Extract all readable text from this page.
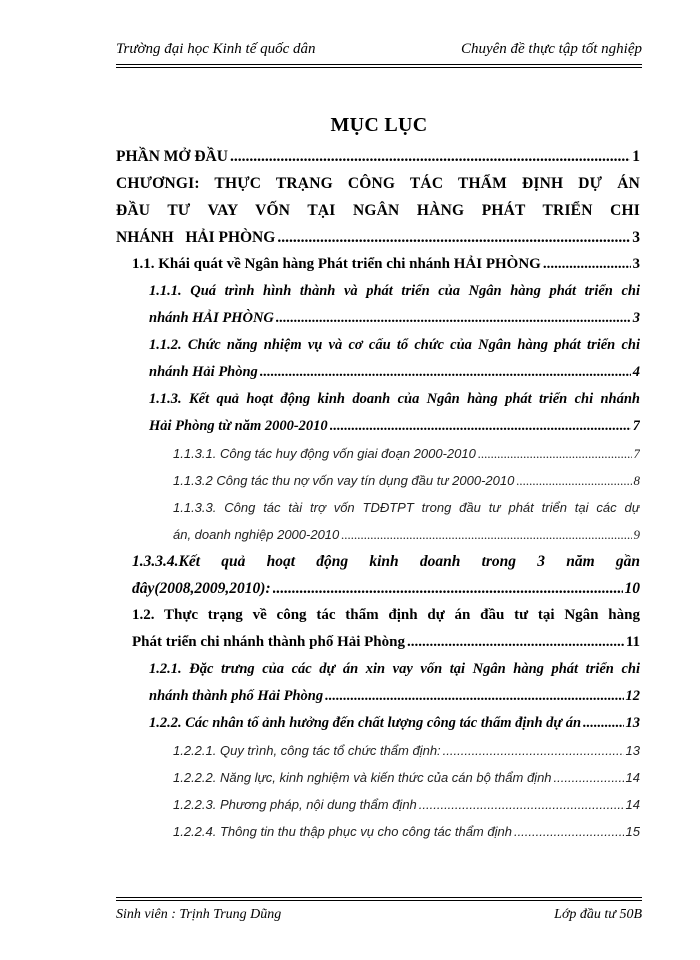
Trường đại học Kinh tế quốc dân	Chuyên đề thực tập tốt nghiệp
MỤC LỤC
PHẦN MỞ ĐẦU .....	1
CHƯƠNGI: THỰC TRẠNG CÔNG TÁC THẨM ĐỊNH DỰ ÁN
ĐẦU TƯ VAY VỐN TẠI NGÂN HÀNG PHÁT TRIỂN CHI
NHÁNH   HẢI PHÒNG .....	3
1.1. Khái quát về Ngân hàng Phát triển chi nhánh HẢI PHÒNG .....	3
1.1.1. Quá trình hình thành và phát triển của Ngân hàng phát triển chi
nhánh HẢI PHÒNG .....	3
1.1.2. Chức năng nhiệm vụ và cơ cấu tổ chức của Ngân hàng phát triển chi
nhánh Hải Phòng .....	4
1.1.3. Kết quả hoạt động kinh doanh của Ngân hàng phát triển chi nhánh
Hải Phòng từ năm 2000-2010 .....	7
1.1.3.1. Công tác huy động vốn giai đoạn 2000-2010 .....	7
1.1.3.2 Công tác thu nợ vốn vay tín dụng đầu tư 2000-2010 .....	8
1.1.3.3. Công tác tài trợ vốn TDĐTPT trong đầu tư phát triển tại các dự
án, doanh nghiệp 2000-2010 .....	9
1.3.3.4.Kết quả hoạt động kinh doanh trong 3 năm gần
đây(2008,2009,2010): .....	10
1.2. Thực trạng về công tác thẩm định dự án đầu tư tại Ngân hàng
Phát triển chi nhánh thành phố Hải Phòng .....	11
1.2.1. Đặc trưng của các dự án xin vay vốn tại Ngân hàng phát triển chi
nhánh thành phố Hải Phòng .....	12
1.2.2. Các nhân tố ảnh hưởng đến chất lượng công tác thẩm định dự án .....	13
1.2.2.1. Quy trình, công tác tổ chức thẩm định: .....	13
1.2.2.2. Năng lực, kinh nghiệm và kiến thức của cán bộ thẩm định .....	14
1.2.2.3. Phương pháp, nội dung thẩm định .....	14
1.2.2.4. Thông tin thu thập phục vụ cho công tác thẩm định .....	15
Sinh viên : Trịnh Trung Dũng	Lớp đầu tư 50B
